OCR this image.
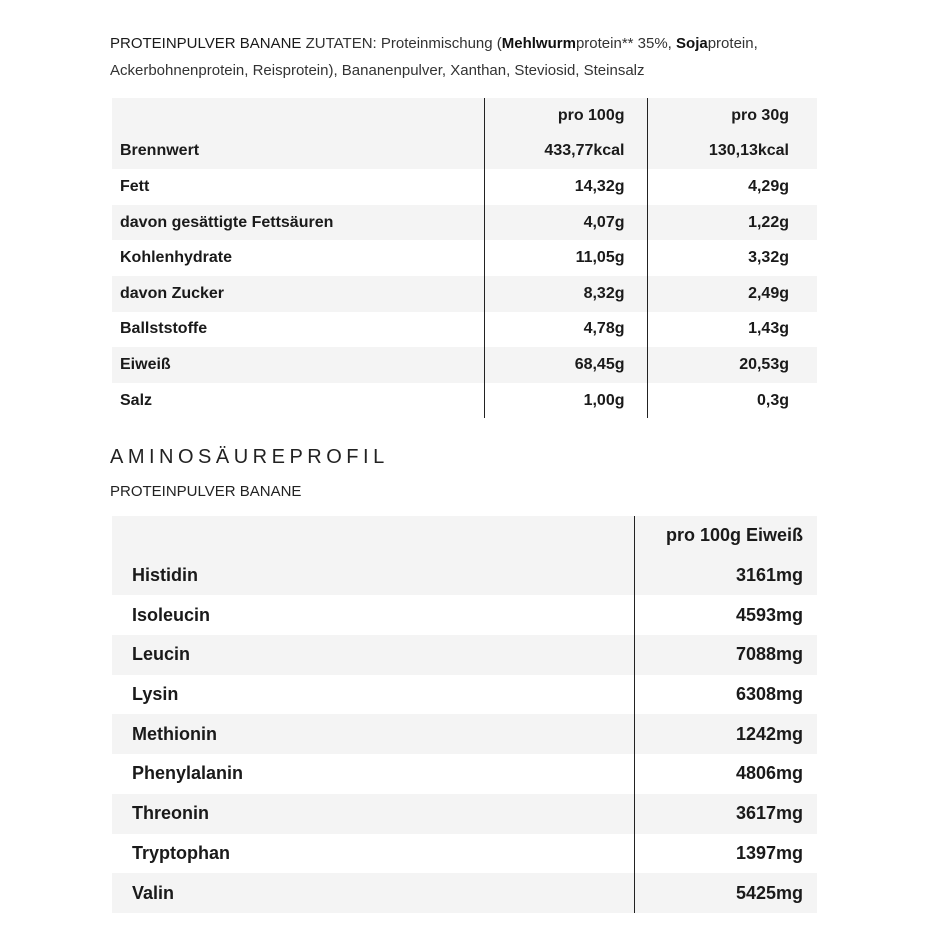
PROTEINPULVER BANANE ZUTATEN: Proteinmischung (Mehlwurmprotein** 35%, Sojaprotein, Ackerbohnenprotein, Reisprotein), Bananenpulver, Xanthan, Steviosid, Steinsalz
	pro 100g	pro 30g
Brennwert	433,77kcal	130,13kcal
Fett	14,32g	4,29g
davon gesättigte Fettsäuren	4,07g	1,22g
Kohlenhydrate	11,05g	3,32g
davon Zucker	8,32g	2,49g
Ballststoffe	4,78g	1,43g
Eiweiß	68,45g	20,53g
Salz	1,00g	0,3g
AMINOSÄUREPROFIL
PROTEINPULVER BANANE
	pro 100g Eiweiß
Histidin	3161mg
Isoleucin	4593mg
Leucin	7088mg
Lysin	6308mg
Methionin	1242mg
Phenylalanin	4806mg
Threonin	3617mg
Tryptophan	1397mg
Valin	5425mg
